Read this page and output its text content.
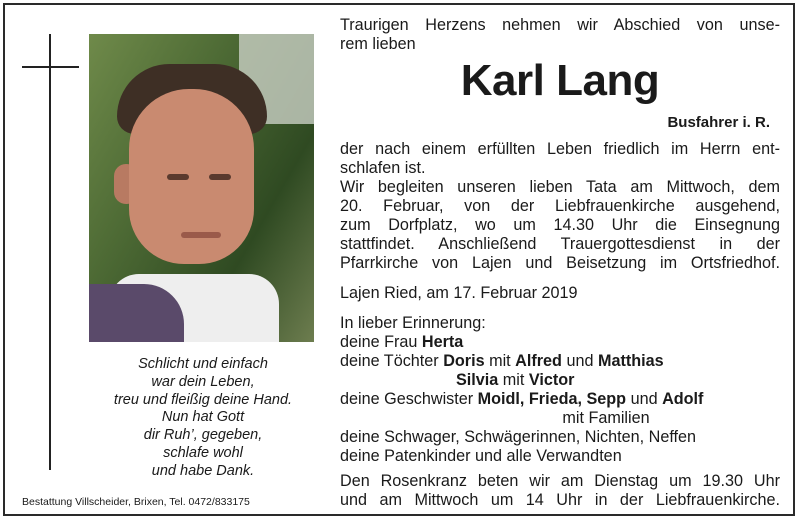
Schlicht und einfach
war dein Leben,
treu und fleißig deine Hand.
Nun hat Gott
dir Ruh’, gegeben,
schlafe wohl
und habe Dank.
Bestattung Villscheider, Brixen, Tel. 0472/833175
Traurigen Herzens nehmen wir Abschied von unse-
rem lieben
Karl Lang
Busfahrer i. R.
der nach einem erfüllten Leben friedlich im Herrn ent-
schlafen ist.
Wir begleiten unseren lieben Tata am Mittwoch, dem
20. Februar, von der Liebfrauenkirche ausgehend,
zum Dorfplatz, wo um 14.30 Uhr die Einsegnung
stattfindet. Anschließend Trauergottesdienst in der
Pfarrkirche von Lajen und Beisetzung im Ortsfriedhof.
Lajen Ried, am 17. Februar 2019
In lieber Erinnerung:
deine Frau Herta
deine Töchter Doris mit Alfred und Matthias
Silvia mit Victor
deine Geschwister Moidl, Frieda, Sepp und Adolf
mit Familien
deine Schwager, Schwägerinnen, Nichten, Neffen
deine Patenkinder und alle Verwandten
Den Rosenkranz beten wir am Dienstag um 19.30 Uhr
und am Mittwoch um 14 Uhr in der Liebfrauenkirche.
